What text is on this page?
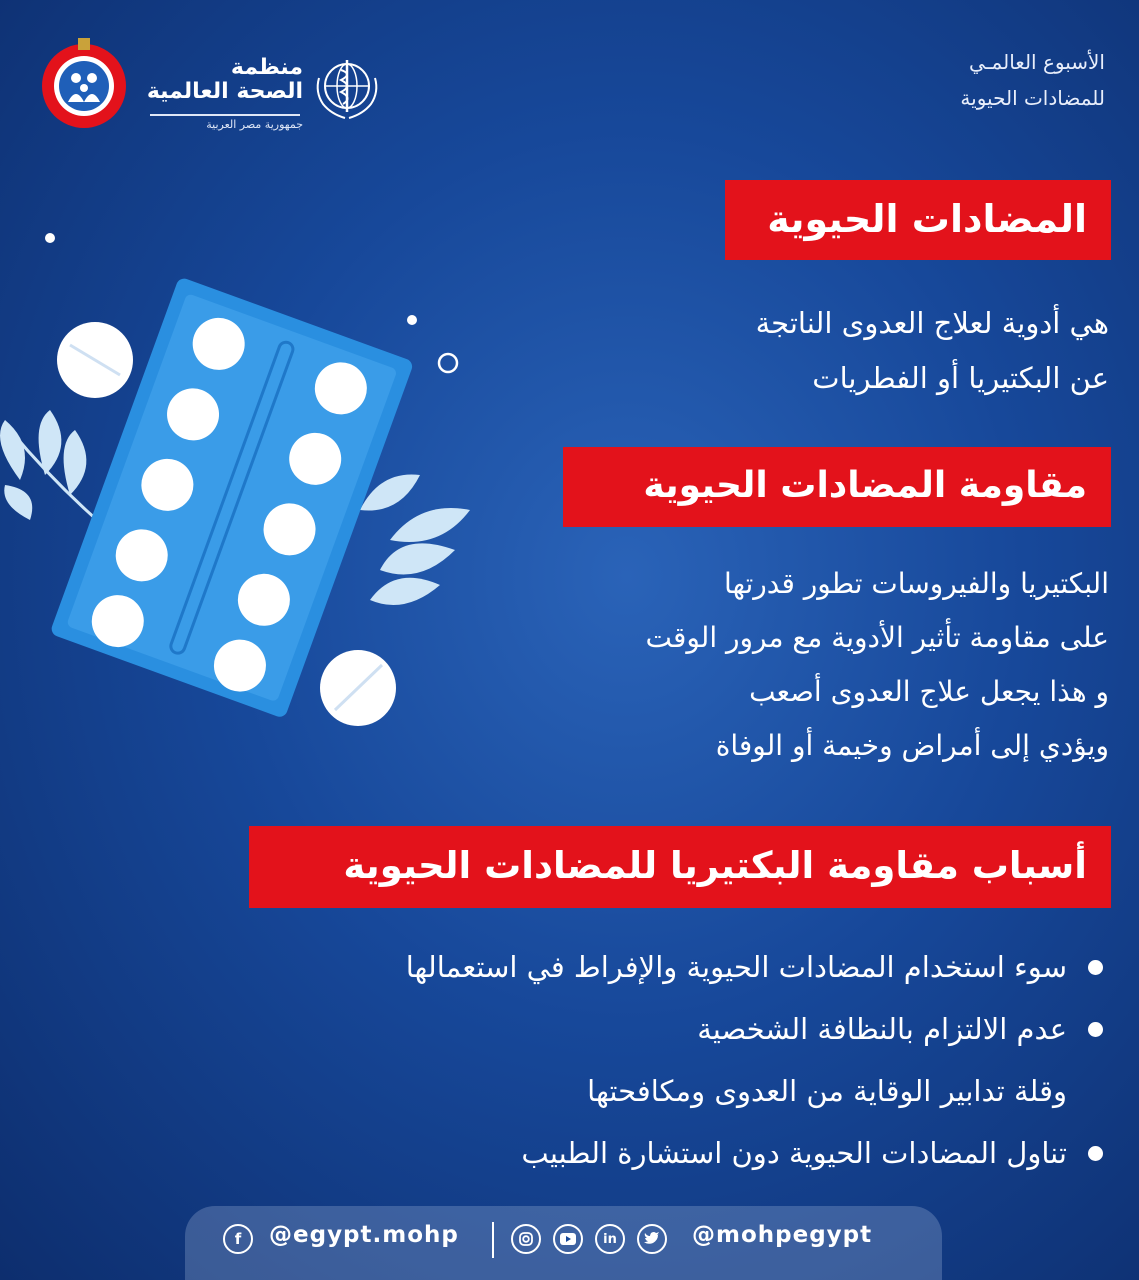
الأسبوع العالمـي
للمضادات الحيوية
منظمة
الصحة العالمية
جمهورية مصر العربية
المضادات الحيوية
هي أدوية لعلاج العدوى الناتجة
عن البكتيريا أو الفطريات
مقاومة المضادات الحيوية
البكتيريا والفيروسات تطور قدرتها
على مقاومة تأثير الأدوية مع مرور الوقت
و هذا يجعل علاج العدوى أصعب
ويؤدي إلى أمراض وخيمة أو الوفاة
أسباب مقاومة البكتيريا للمضادات الحيوية
سوء استخدام المضادات الحيوية والإفراط في استعمالها
عدم الالتزام بالنظافة الشخصية
وقلة تدابير الوقاية من العدوى ومكافحتها
تناول المضادات الحيوية دون استشارة الطبيب
f	@egypt.mohp	in	@mohpegypt
